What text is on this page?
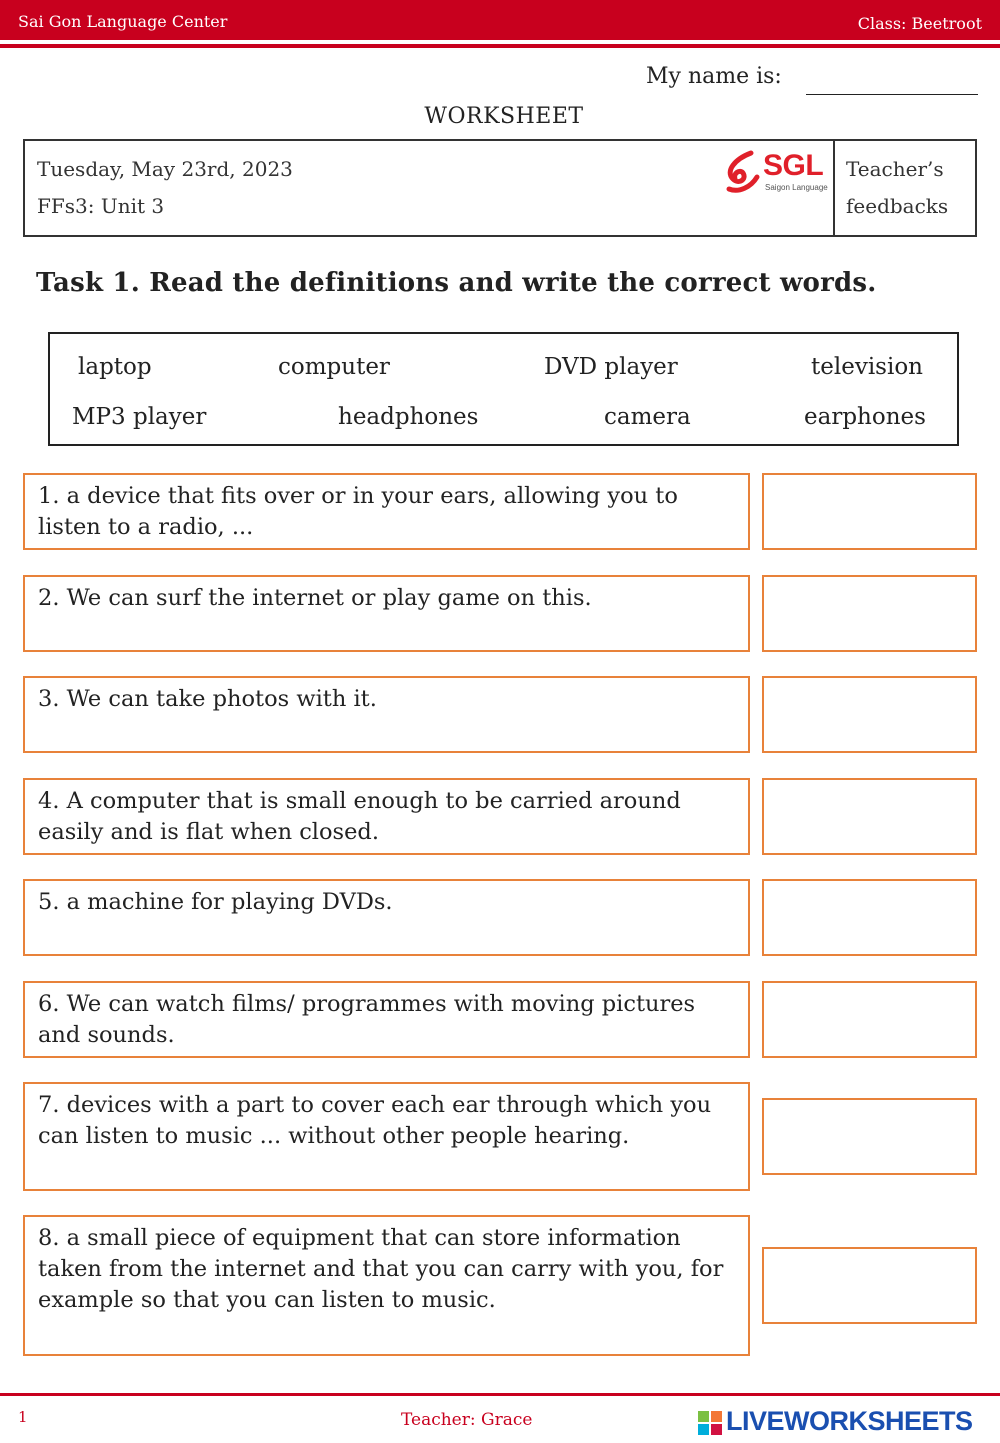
Sai Gon Language Center	Class: Beetroot
My name is:
WORKSHEET
Tuesday, May 23rd, 2023
FFs3: Unit 3
SGL
Saigon Language
Teacher’s
feedbacks
Task 1. Read the definitions and write the correct words.
laptop	computer	DVD player	television
MP3 player	headphones	camera	earphones
1. a device that fits over or in your ears, allowing you to listen to a radio, ...
2. We can surf the internet or play game on this.
3. We can take photos with it.
4. A computer that is small enough to be carried around easily and is flat when closed.
5. a machine for playing DVDs.
6. We can watch films/ programmes with moving pictures and sounds.
7. devices with a part to cover each ear through which you can listen to music ... without other people hearing.
8. a small piece of equipment that can store information taken from the internet and that you can carry with you, for example so that you can listen to music.
1	Teacher: Grace	LIVEWORKSHEETS
